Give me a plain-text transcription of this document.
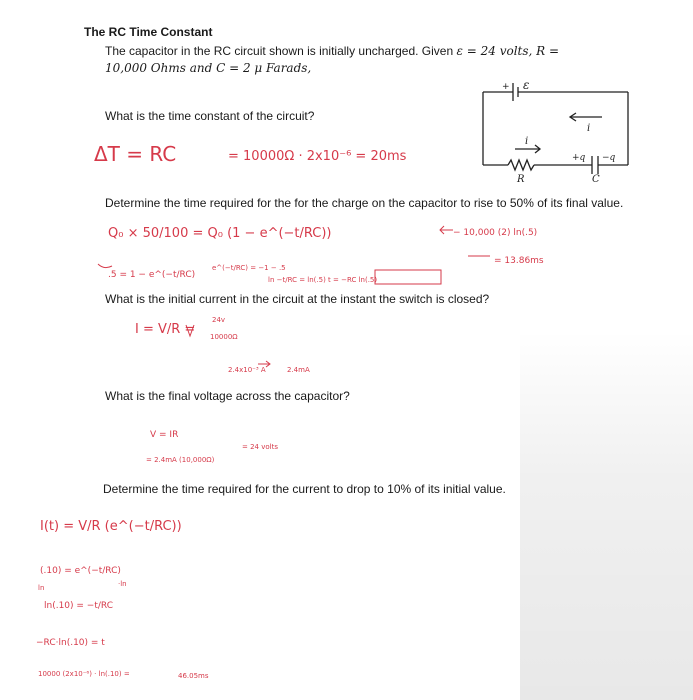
The RC Time Constant
The capacitor in the RC circuit shown is initially uncharged. Given ε = 24 volts, R =
10,000 Ohms and C = 2 μ Farads,
What is the time constant of the circuit?
Determine the time required for the for the charge on the capacitor to rise to 50% of its final value.
What is the initial current in the circuit at the instant the switch is closed?
What is the final voltage across the capacitor?
Determine the time required for the current to drop to 10% of its initial value.
+ ε
i
i
R	C
+q −q
ΔT = RC	= 10000Ω · 2x10⁻⁶ = 20ms
Q₀ × 50/100 = Q₀ (1 − e^(−t/RC))	− 10,000 (2) ln(.5)
.5 = 1 − e^(−t/RC)
e^(−t/RC) = −1 − .5
ln −t/RC = ln(.5) t = −RC ln(.5)
= 13.86ms
I = V/R =
24v
10000Ω
2.4x10⁻³ A	2.4mA
V = IR
= 2.4mA (10,000Ω)
= 24 volts
I(t) = V/R (e^(−t/RC))
(.10) = e^(−t/RC)
ln	·ln
ln(.10) = −t/RC
−RC·ln(.10) = t
10000 (2x10⁻⁶) · ln(.10) =	46.05ms
